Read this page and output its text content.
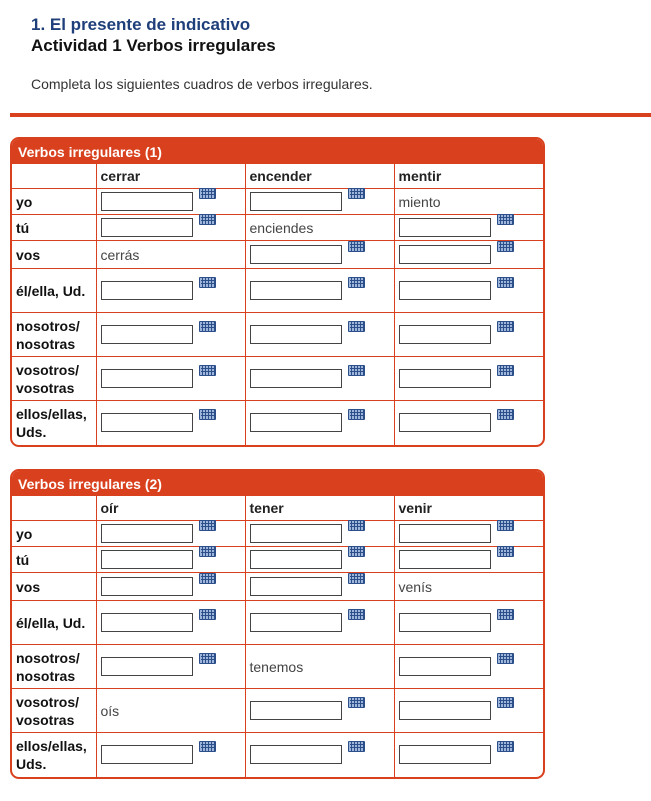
1. El presente de indicativo
Actividad 1 Verbos irregulares
Completa los siguientes cuadros de verbos irregulares.
Verbos irregulares (1)
	cerrar	encender	mentir
yo			miento
tú		enciendes	
vos	cerrás		
él/ella, Ud.			
nosotros/ nosotras			
vosotros/ vosotras			
ellos/ellas, Uds.			
Verbos irregulares (2)
	oír	tener	venir
yo			
tú			
vos			venís
él/ella, Ud.			
nosotros/ nosotras		tenemos	
vosotros/ vosotras	oís		
ellos/ellas, Uds.			
